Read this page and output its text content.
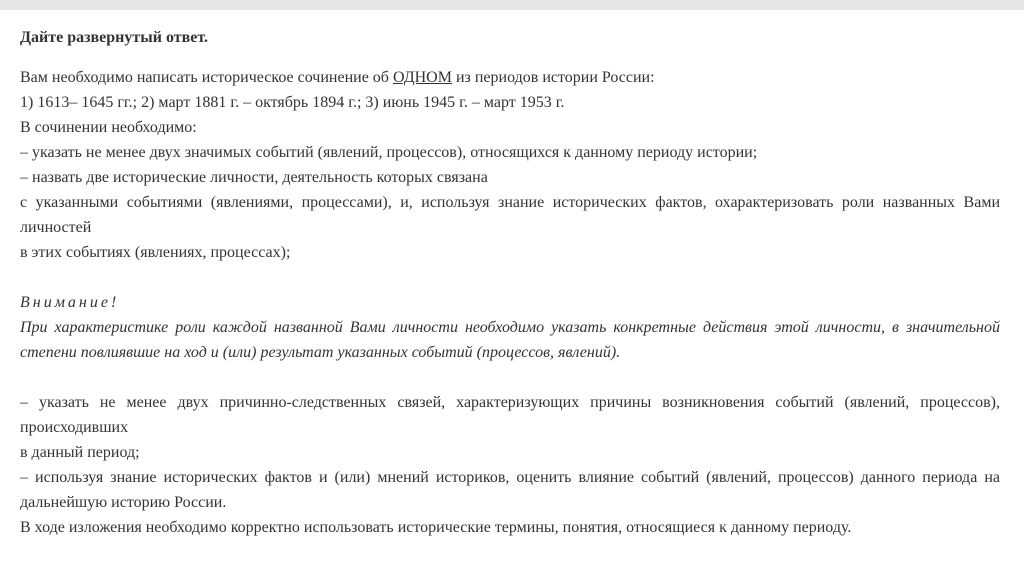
Дайте развернутый ответ.

Вам необходимо написать историческое сочинение об ОДНОМ из периодов истории России:

1) 1613– 1645 гг.; 2) март 1881 г. – октябрь 1894 г.; 3) июнь 1945 г. – март 1953 г.

В сочинении необходимо:

– указать не менее двух значимых событий (явлений, процессов), относящихся к данному периоду истории;

– назвать две исторические личности, деятельность которых связана

с указанными событиями (явлениями, процессами), и, используя знание исторических фактов, охарактеризовать роли названных Вами личностей

в этих событиях (явлениях, процессах);

Внимание!

При характеристике роли каждой названной Вами личности необходимо указать конкретные действия этой личности, в значительной степени повлиявшие на ход и (или) результат указанных событий (процессов, явлений).

– указать не менее двух причинно-следственных связей, характеризующих причины возникновения событий (явлений, процессов), происходивших

в данный период;

– используя знание исторических фактов и (или) мнений историков, оценить влияние событий (явлений, процессов) данного периода на дальнейшую историю России.

В ходе изложения необходимо корректно использовать исторические термины, понятия, относящиеся к данному периоду.
